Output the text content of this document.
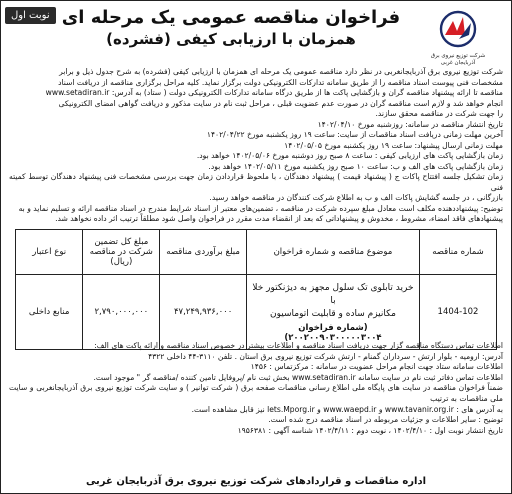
نوبت اول
شرکت توزیع نیروی برق
آذربایجان غربی
فراخوان مناقصه عمومی یک مرحله ای
همزمان با ارزیابی کیفی (فشرده)

شرکت توزیع نیروی برق آذربایجانغربی در نظر دارد مناقصه عمومی یک مرحله ای همزمان با ارزیابی کیفی (فشرده) به شرح جدول ذیل و برابر

مشخصات فنی پیوست اسناد مناقصه را از طریق سامانه تدارکات الکترونیکی دولت برگزار نماید. کلیه مراحل برگزاری مناقصه از دریافت اسناد

مناقصه تا ارائه پیشنهاد مناقصه گران و بازگشایی پاکت ها از طریق درگاه سامانه تدارکات الکترونیکی دولت ( ستاد) به آدرس: www.setadiran.ir

انجام خواهد شد و لازم است مناقصه گران در صورت عدم عضویت قبلی ، مراحل ثبت نام در سایت مذکور و دریافت گواهی امضای الکترونیکی

را جهت شرکت در مناقصه محقق سازند.

تاریخ انتشار مناقصه در سامانه: روزشنبه مورخ ۱۴۰۲/۰۴/۱۰

آخرین مهلت زمانی دریافت اسناد مناقصات از سایت: ساعت ۱۹ روز یکشنبه مورخ ۱۴۰۲/۰۴/۲۲

مهلت زمانی ارسال پیشنهاد: ساعت ۱۹ روز یکشنبه مورخ ۱۴۰۲/۰۵/۰۵

زمان بازگشایی پاکت های ارزیابی کیفی : ساعت ۸ صبح روز دوشنبه مورخ ۱۴۰۲/۰۵/۰۶ خواهد بود.

زمان بازگشایی پاکت های الف و ب: ساعت ۱۰ صبح روز یکشنبه مورخ ۱۴۰۲/۰۵/۱۱ خواهد بود.

زمان تشکیل جلسه افتتاح پاکات ج ( پیشنهاد قیمت ) پیشنهاد دهندگان ، با ملحوظ قراردادن زمان جهت بررسی مشخصات فنی پیشنهاد دهندگان توسط کمیته فنی

بازرگانی ، در جلسه گشایش پاکات الف و ب به اطلاع شرکت کنندگان در مناقصه خواهد رسید.

توضیح: پیشنهاددهنده مکلف است معادل مبلغ سپرده شرکت در مناقصه ، تضمین‌های معتبر از اسناد شرایط مندرج در اسناد مناقصه ارائه و تسلیم نماید و به

پیشنهادهای فاقد امضاء، مشروط ، مخدوش و پیشنهاداتی که بعد از انقضاء مدت مقرر در فراخوان واصل شود مطلقاً ترتیب اثر داده نخواهد شد.

شماره مناقصه	موضوع مناقصه و شماره فراخوان	مبلغ برآوردی مناقصه	مبلغ کل تضمین شرکت در مناقصه (ریال)	نوع اعتبار
1404-102	خرید تابلوی تک سلول مجهز به دیژنکتور خلا با
مکانیزم ساده و قابلیت اتوماسیون
(شماره فراخوان ۲۰۰۲۰۰۹۰۳۰۰۰۰۰۳۰۰۴)	۴۷,۲۴۹,۹۳۶,۰۰۰	۲,۷۹۰,۰۰۰,۰۰۰	منابع داخلی

اطلاعات تماس دستگاه مناقصه گزار جهت دریافت اسناد مناقصه و اطلاعات بیشتر در خصوص اسناد مناقصه و ارائه پاکت های الف:

آدرس: ارومیه - بلوار ارتش - سرداران گمنام - ارتش شرکت توزیع نیروی برق استان . تلفن ۳۱۱۰-۴۴ داخلی ۴۳۲۲

اطلاعات سامانه ستاد جهت انجام مراحل عضویت در سامانه : مرکزتماس : ۱۴۵۶

اطلاعات تماس دفاتر ثبت نام در سایت سامانه www.setadiran.ir بخش ثبت نام /پروفایل تامین کننده /مناقصه گر " موجود است.

ضمناً فراخوان مناقصه در سایت های پایگاه ملی اطلاع رسانی مناقصات صفحه برق ( شرکت توانیر ) و سایت شرکت توزیع نیروی برق آذربایجانغربی و سایت ملی مناقصات به ترتیب

به آدرس های : www.tavanir.org.ir و www.waepd.ir و lets.Mporg.ir نیز قابل مشاهده است.

توضیح : سایر اطلاعات و جزئیات مربوطه در اسناد مناقصه درج شده است.

تاریخ انتشار نوبت اول : ۱۴۰۲/۴/۱۰ ، نوبت دوم : ۱۴۰۲/۴/۱۱ شناسه آگهی : ۱۹۵۶۳۸۱

اداره مناقصات و قراردادهای شرکت توزیع نیروی برق آذربایجان غربی
